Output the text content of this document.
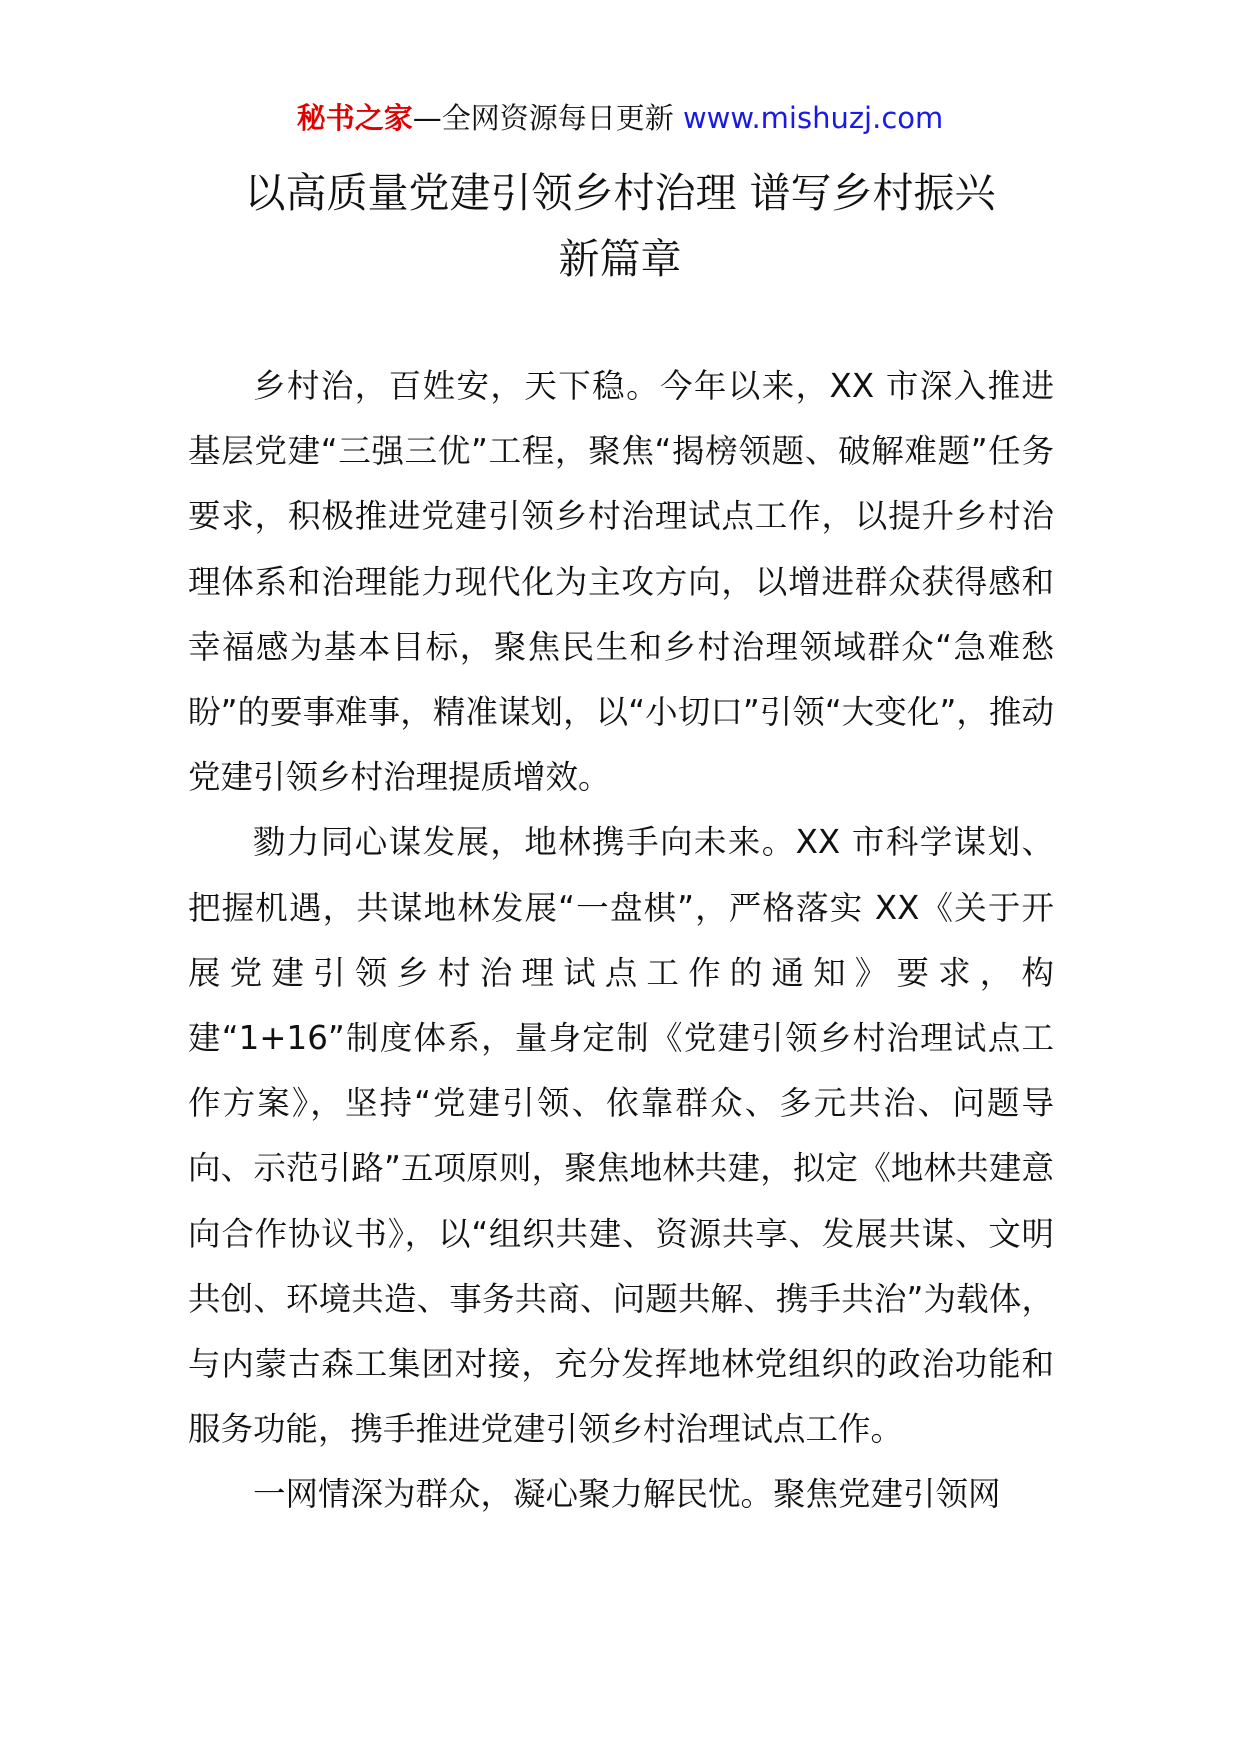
秘书之家—全网资源每日更新 www.mishuzj.com
以高质量党建引领乡村治理 谱写乡村振兴
新篇章

乡村治，百姓安，天下稳。今年以来，XX 市深入推进基层党建“三强三优”工程，聚焦“揭榜领题、破解难题”任务要求，积极推进党建引领乡村治理试点工作，以提升乡村治理体系和治理能力现代化为主攻方向，以增进群众获得感和幸福感为基本目标，聚焦民生和乡村治理领域群众“急难愁盼”的要事难事，精准谋划，以“小切口”引领“大变化”，推动党建引领乡村治理提质增效。

勠力同心谋发展，地林携手向未来。XX 市科学谋划、把握机遇，共谋地林发展“一盘棋”，严格落实 XX《关于开展党建引领乡村治理试点工作的通知》要求，构建“1+16”制度体系，量身定制《党建引领乡村治理试点工作方案》，坚持“党建引领、依靠群众、多元共治、问题导向、示范引路”五项原则，聚焦地林共建，拟定《地林共建意向合作协议书》，以“组织共建、资源共享、发展共谋、文明共创、环境共造、事务共商、问题共解、携手共治”为载体，与内蒙古森工集团对接，充分发挥地林党组织的政治功能和服务功能，携手推进党建引领乡村治理试点工作。

一网情深为群众，凝心聚力解民忧。聚焦党建引领网
